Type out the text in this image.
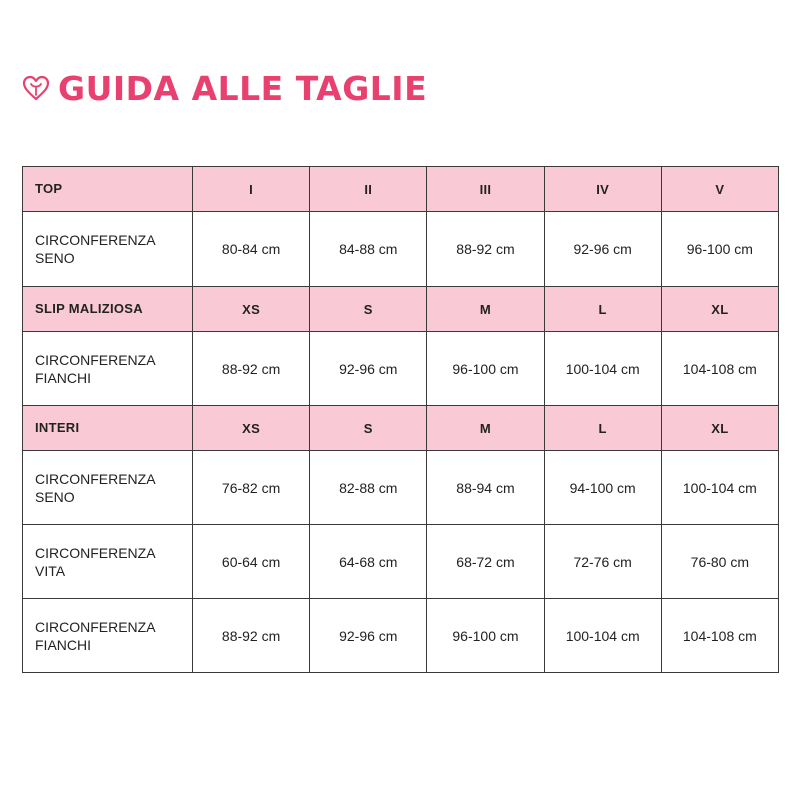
GUIDA ALLE TAGLIE
TOP	I	II	III	IV	V
CIRCONFERENZA
SENO	80-84 cm	84-88 cm	88-92 cm	92-96 cm	96-100 cm
SLIP MALIZIOSA	XS	S	M	L	XL
CIRCONFERENZA
FIANCHI	88-92 cm	92-96 cm	96-100 cm	100-104 cm	104-108 cm
INTERI	XS	S	M	L	XL
CIRCONFERENZA
SENO	76-82 cm	82-88 cm	88-94 cm	94-100 cm	100-104 cm
CIRCONFERENZA
VITA	60-64 cm	64-68 cm	68-72 cm	72-76 cm	76-80 cm
CIRCONFERENZA
FIANCHI	88-92 cm	92-96 cm	96-100 cm	100-104 cm	104-108 cm
